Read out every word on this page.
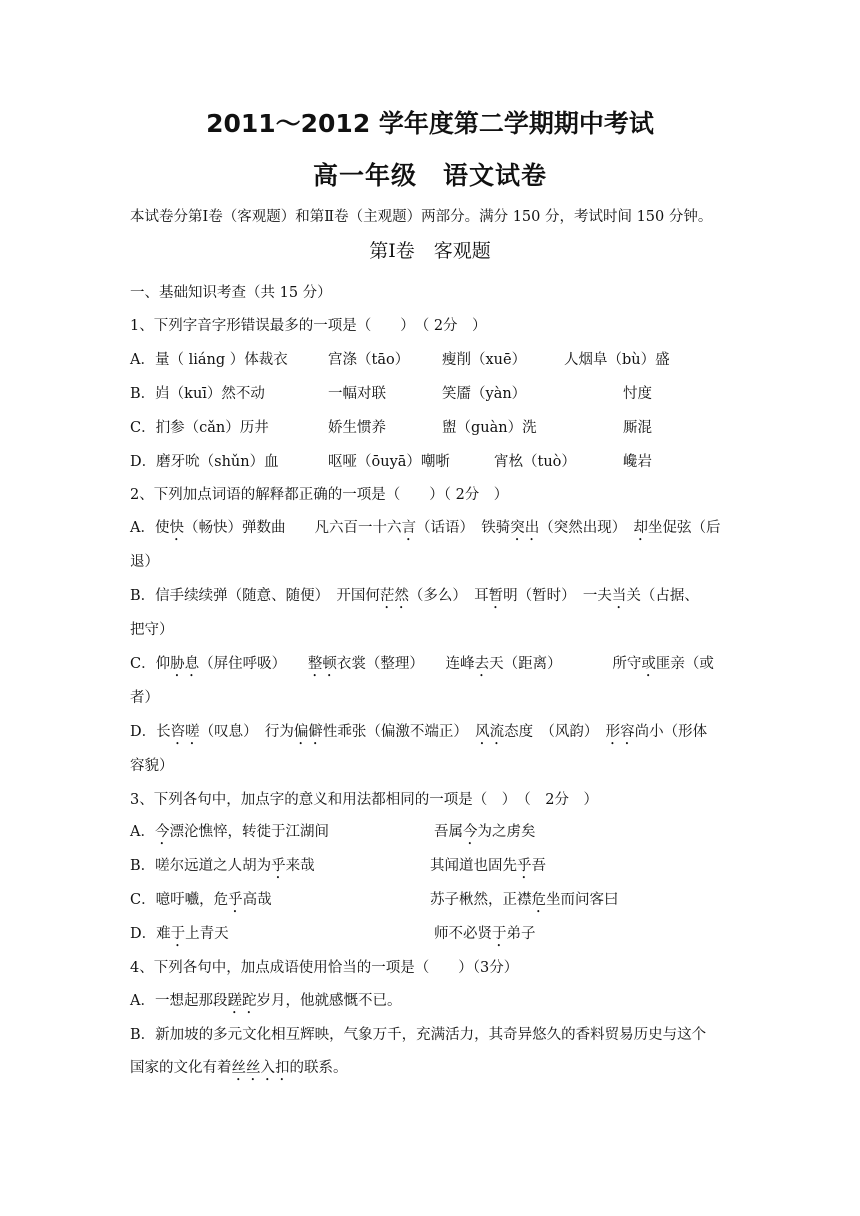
2011～2012 学年度第二学期期中考试
高一年级　语文试卷
本试卷分第Ⅰ卷（客观题）和第Ⅱ卷（主观题）两部分。满分 150 分，考试时间 150 分钟。
第Ⅰ卷　客观题
一、基础知识考查（共 15 分）
1、下列字音字形错误最多的一项是（　　）　（ 2分　）
A．量（ liáng ）体裁衣	宫涤（tāo） 瘦削（xuē）	人烟阜（bù）盛
B．岿（kuī）然不动	一幅对联	笑靥（yàn）	忖度
C．扪参（cǎn）历井	娇生惯养	盥（guàn）洗	厮混
D．磨牙吮（shǔn）血	呕哑（ōuyā）嘲哳	宵㭃（tuò）	巉岩
2、下列加点词语的解释都正确的一项是（　　）（ 2分　）
A．使快（畅快）弹数曲　　凡六百一十六言（话语）　铁骑突出（突然出现）　却坐促弦（后
退）
B．信手续续弹（随意、随便）　开国何茫然（多么）　耳暂明（暂时）　一夫当关（占据、
把守）
C．仰胁息（屏住呼吸）　　整顿衣裳（整理）　　连峰去天（距离）　　　　所守或匪亲（或
者）
D．长咨嗟（叹息）　行为偏僻性乖张（偏激不端正）　风流态度　（风韵）　形容尚小（形体
容貌）
3、下列各句中，加点字的意义和用法都相同的一项是（　）　（　2分　）
A．今漂沦憔悴，转徙于江湖间	吾属今为之虏矣
B．嗟尔远道之人胡为乎来哉	其闻道也固先乎吾
C．噫吁嚱，危乎高哉	苏子楸然，正襟危坐而问客曰
D．难于上青天	师不必贤于弟子
4、下列各句中，加点成语使用恰当的一项是（　　）（3分）
A．一想起那段蹉跎岁月，他就感慨不已。
B．新加坡的多元文化相互辉映，气象万千，充满活力，其奇异悠久的香料贸易历史与这个
国家的文化有着丝丝入扣的联系。
